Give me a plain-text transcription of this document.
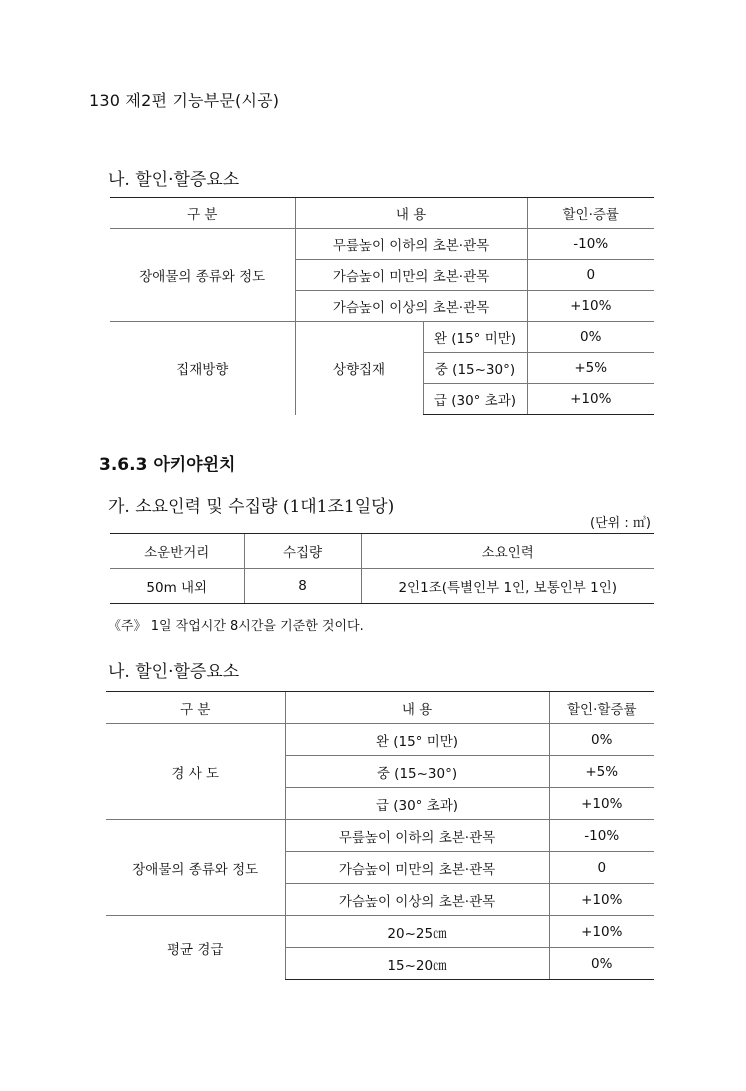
130 제2편 기능부문(시공)
나. 할인·할증요소
구 분	내 용		할인·증률
장애물의 종류와 정도	무릎높이 이하의 초본·관목		-10%
	가슴높이 미만의 초본·관목		0
	가슴높이 이상의 초본·관목		+10%
집재방향	상향집재	완 (15° 미만)	0%
		중 (15~30°)	+5%
		급 (30° 초과)	+10%
3.6.3 아키야윈치
가. 소요인력 및 수집량 (1대1조1일당)
(단위 : ㎥)
소운반거리	수집량	소요인력
50m 내외	8	2인1조(특별인부 1인, 보통인부 1인)
《주》 1일 작업시간 8시간을 기준한 것이다.
나. 할인·할증요소
구 분	내 용	할인·할증률
경 사 도	완 (15° 미만)	0%
	중 (15~30°)	+5%
	급 (30° 초과)	+10%
장애물의 종류와 정도	무릎높이 이하의 초본·관목	-10%
	가슴높이 미만의 초본·관목	0
	가슴높이 이상의 초본·관목	+10%
평균 경급	20~25㎝	+10%
	15~20㎝	0%
